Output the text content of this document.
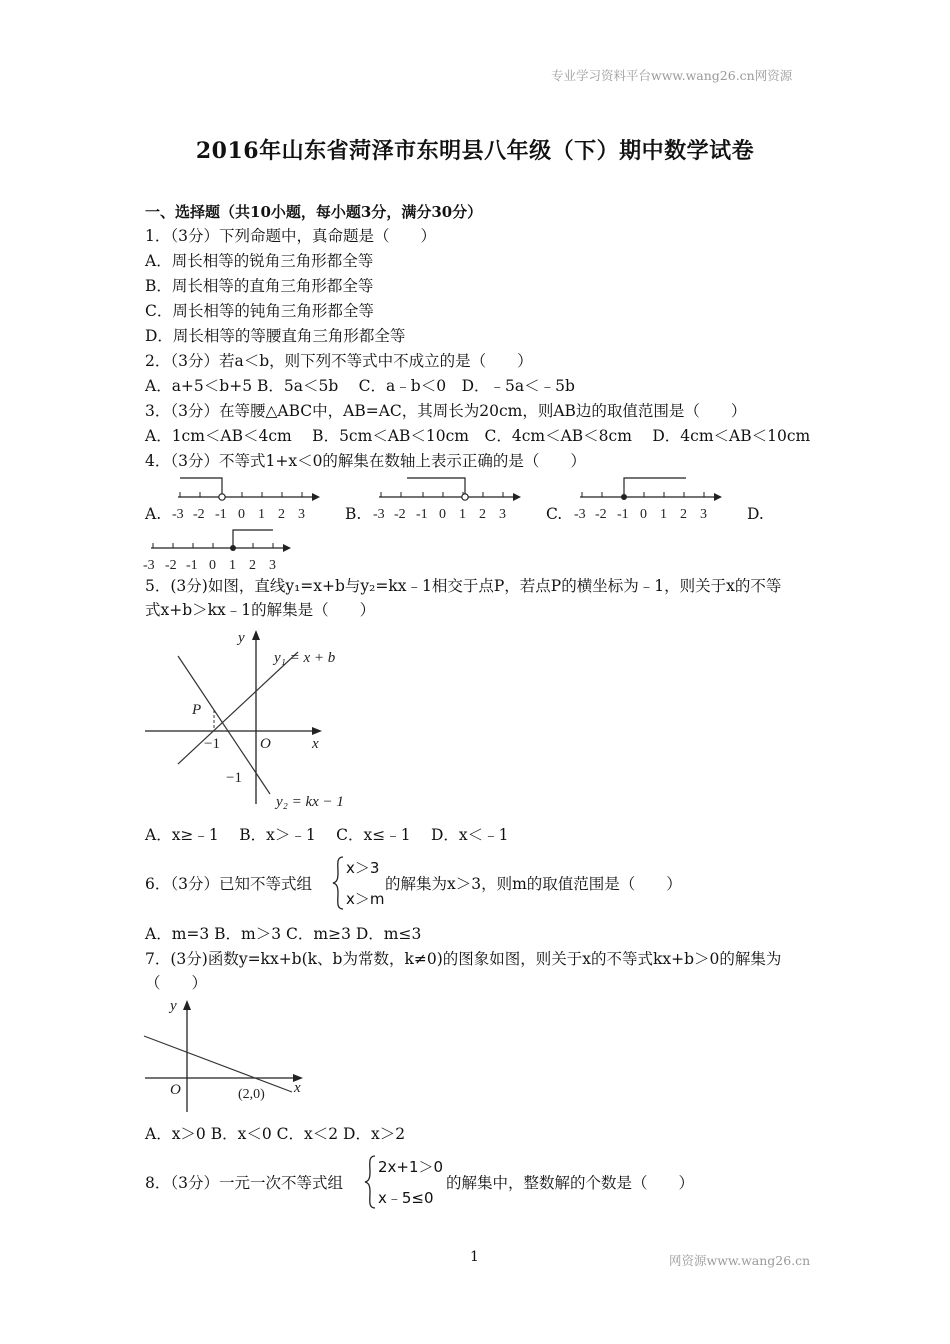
专业学习资料平台www.wang26.cn网资源
2016年山东省菏泽市东明县八年级（下）期中数学试卷
一、选择题（共10小题，每小题3分，满分30分）
1．（3分）下列命题中，真命题是（　　）
A．周长相等的锐角三角形都全等
B．周长相等的直角三角形都全等
C．周长相等的钝角三角形都全等
D．周长相等的等腰直角三角形都全等
2．（3分）若a＜b，则下列不等式中不成立的是（　　）
A．a+5＜b+5 B．5a＜5b　 C．a﹣b＜0　D．﹣5a＜﹣5b
3．（3分）在等腰△ABC中，AB=AC，其周长为20cm，则AB边的取值范围是（　　）
A．1cm＜AB＜4cm　 B．5cm＜AB＜10cm　C．4cm＜AB＜8cm　 D．4cm＜AB＜10cm
4．（3分）不等式1+x＜0的解集在数轴上表示正确的是（　　）
A.	B.	C.	D.
-3 -2 -1 0 1 2 3	-3 -2 -1 0 1 2 3	-3 -2 -1 0 1 2 3
-3 -2 -1 0 1 2 3
5．(3分)如图，直线y₁=x+b与y₂=kx﹣1相交于点P，若点P的横坐标为﹣1，则关于x的不等
式x+b＞kx﹣1的解集是（　　）
y
x
O
P
y₁ = x + b
y₂ = kx − 1
−1
−1
A．x≥﹣1　 B．x＞﹣1　 C．x≤﹣1　 D．x＜﹣1
6．（3分）已知不等式组
x＞3
x＞m
的解集为x＞3，则m的取值范围是（　　）
A．m=3 B．m＞3 C．m≥3 D．m≤3
7．(3分)函数y=kx+b(k、b为常数，k≠0)的图象如图，则关于x的不等式kx+b＞0的解集为
（　　）
y
x
O	(2,0)
A．x＞0 B．x＜0 C．x＜2 D．x＞2
8．（3分）一元一次不等式组
2x+1＞0
x﹣5≤0
的解集中，整数解的个数是（　　）
1	网资源www.wang26.cn
